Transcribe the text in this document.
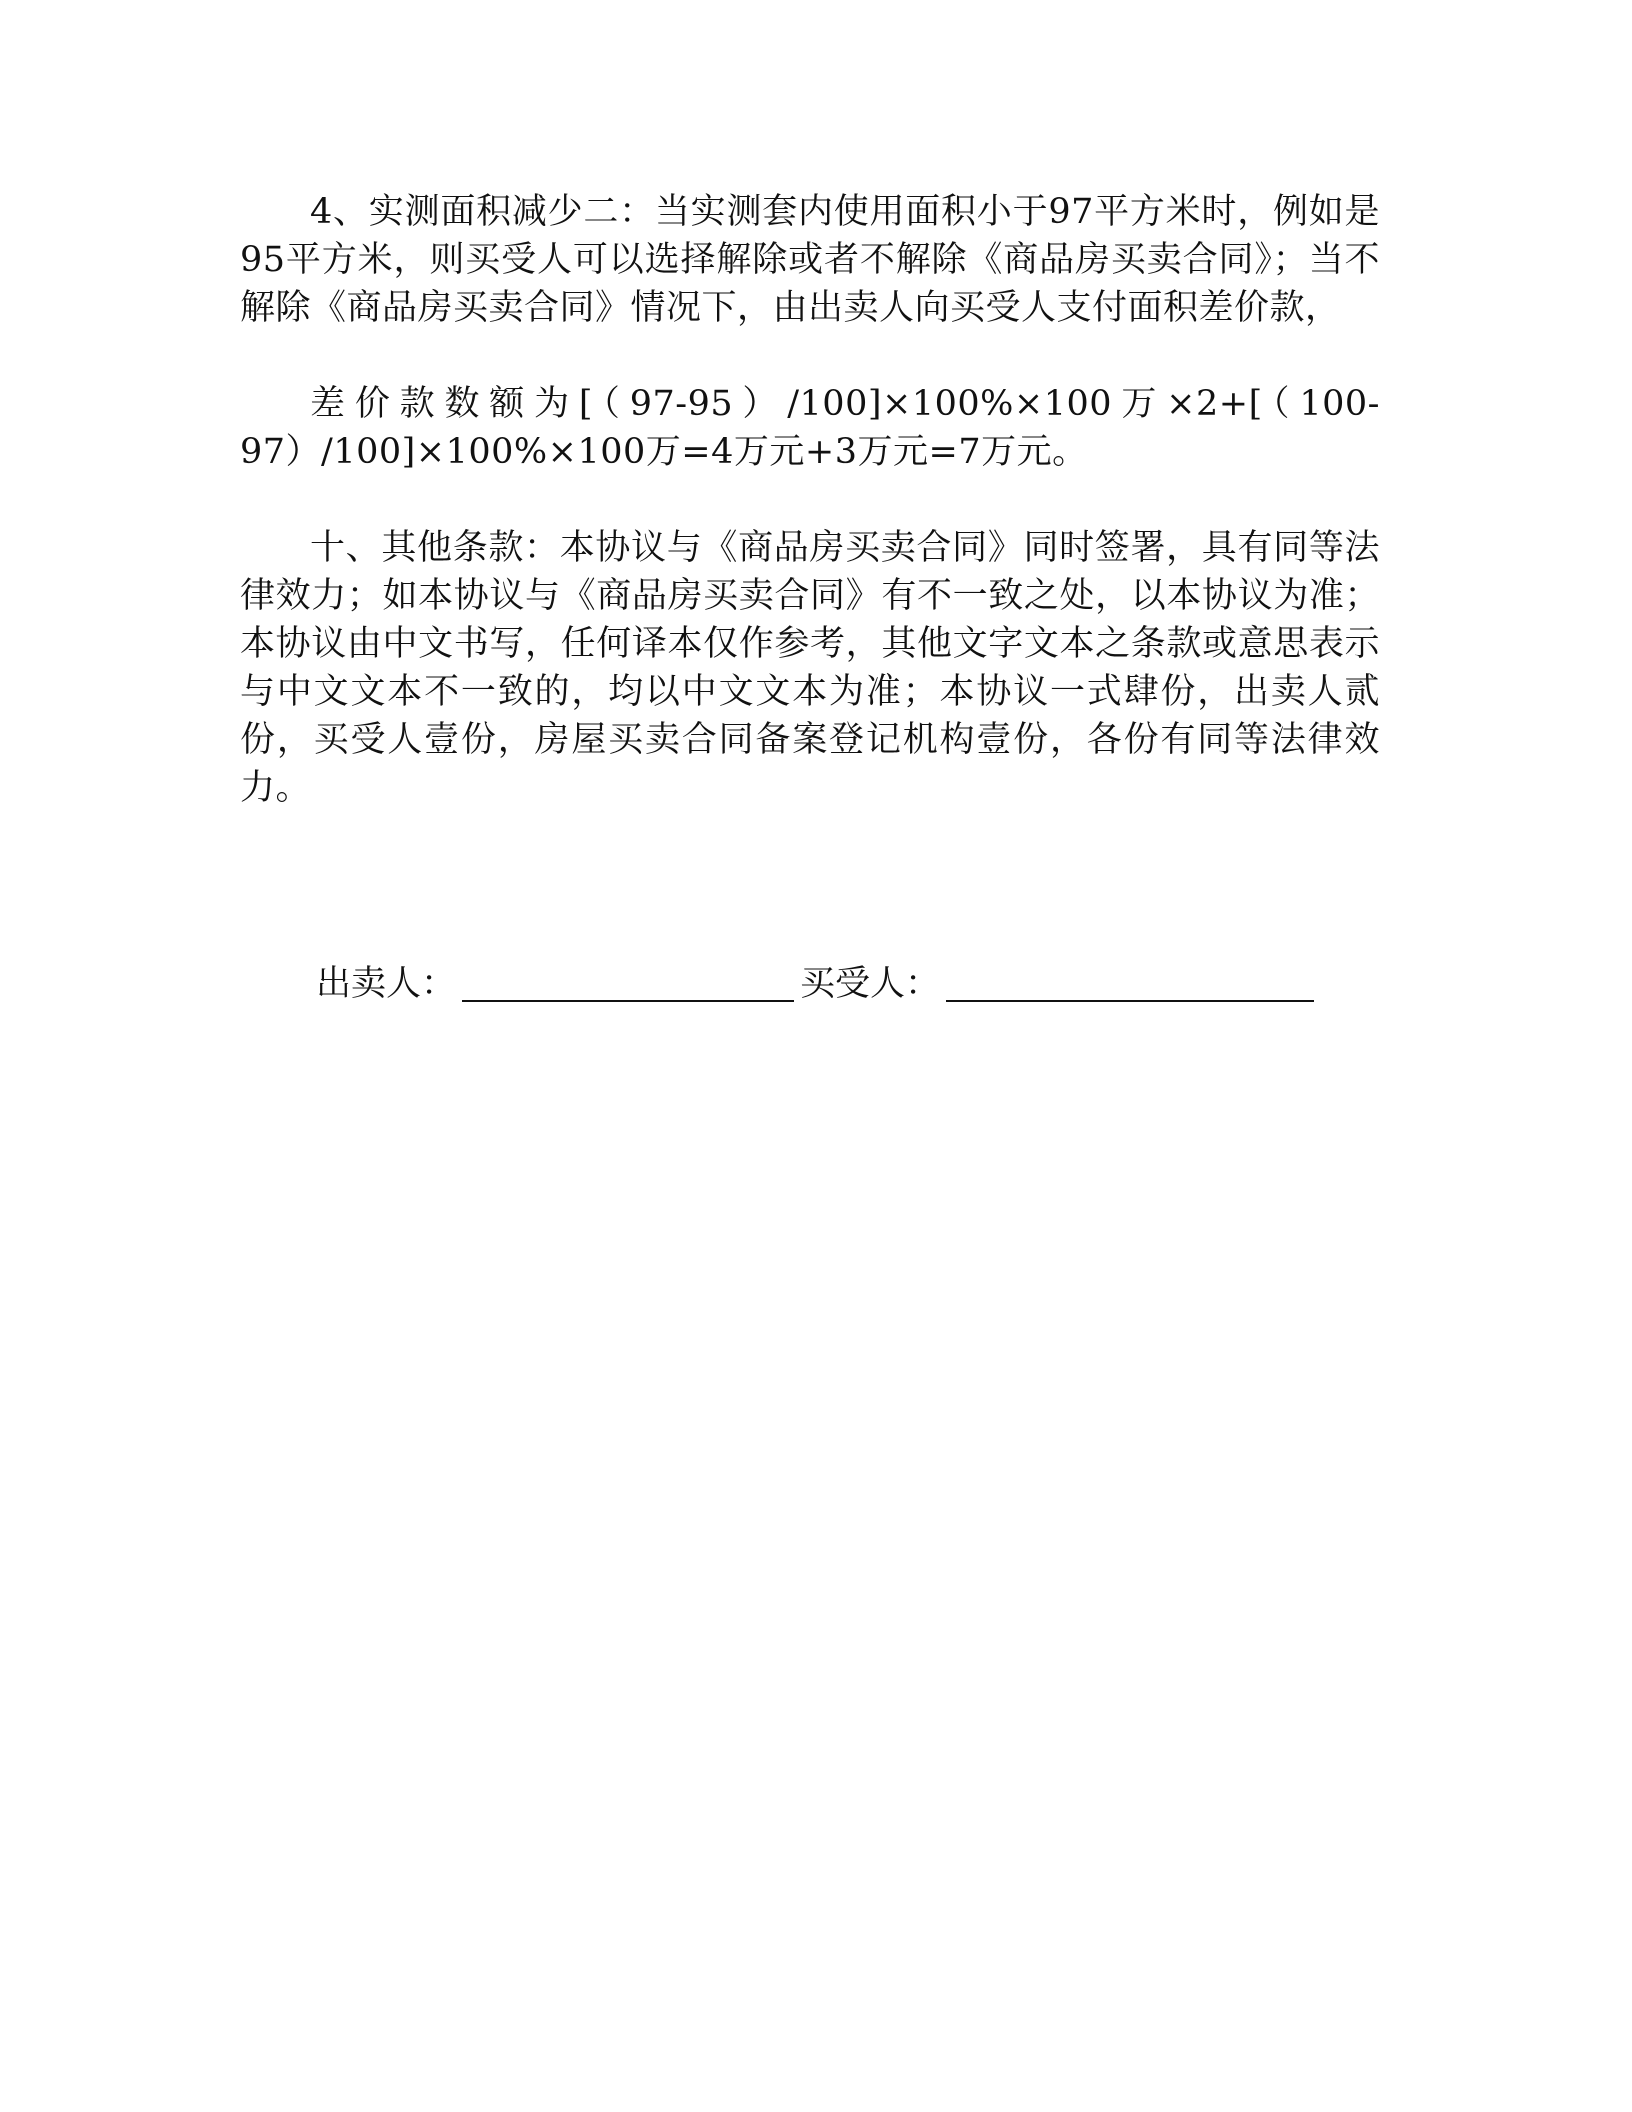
4、实测面积减少二：当实测套内使用面积小于97平方米时，例如是95平方米，则买受人可以选择解除或者不解除《商品房买卖合同》；当不解除《商品房买卖合同》情况下，由出卖人向买受人支付面积差价款，

差价款数额为[（97-95）/100]×100%×100万×2+[（100-97）/100]×100%×100万=4万元+3万元=7万元。

十、其他条款：本协议与《商品房买卖合同》同时签署，具有同等法律效力；如本协议与《商品房买卖合同》有不一致之处，以本协议为准；本协议由中文书写，任何译本仅作参考，其他文字文本之条款或意思表示与中文文本不一致的，均以中文文本为准；本协议一式肆份，出卖人贰份，买受人壹份，房屋买卖合同备案登记机构壹份，各份有同等法律效力。

出卖人：	买受人：
